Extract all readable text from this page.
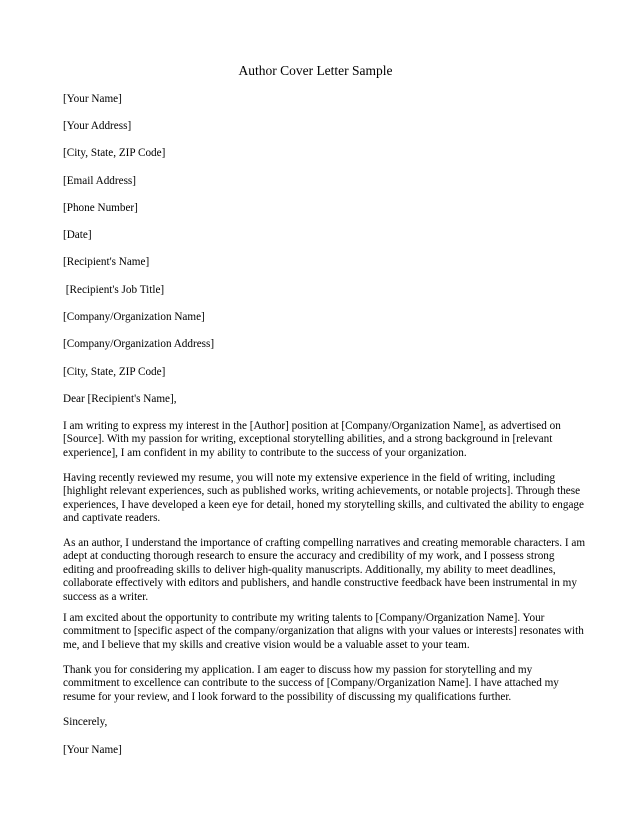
Author Cover Letter Sample
[Your Name]
[Your Address]
[City, State, ZIP Code]
[Email Address]
[Phone Number]
[Date]
[Recipient's Name]
[Recipient's Job Title]
[Company/Organization Name]
[Company/Organization Address]
[City, State, ZIP Code]
Dear [Recipient's Name],
I am writing to express my interest in the [Author] position at [Company/Organization Name], as advertised on
[Source]. With my passion for writing, exceptional storytelling abilities, and a strong background in [relevant
experience], I am confident in my ability to contribute to the success of your organization.
Having recently reviewed my resume, you will note my extensive experience in the field of writing, including
[highlight relevant experiences, such as published works, writing achievements, or notable projects]. Through these
experiences, I have developed a keen eye for detail, honed my storytelling skills, and cultivated the ability to engage
and captivate readers.
As an author, I understand the importance of crafting compelling narratives and creating memorable characters. I am
adept at conducting thorough research to ensure the accuracy and credibility of my work, and I possess strong
editing and proofreading skills to deliver high-quality manuscripts. Additionally, my ability to meet deadlines,
collaborate effectively with editors and publishers, and handle constructive feedback have been instrumental in my
success as a writer.
I am excited about the opportunity to contribute my writing talents to [Company/Organization Name]. Your
commitment to [specific aspect of the company/organization that aligns with your values or interests] resonates with
me, and I believe that my skills and creative vision would be a valuable asset to your team.
Thank you for considering my application. I am eager to discuss how my passion for storytelling and my
commitment to excellence can contribute to the success of [Company/Organization Name]. I have attached my
resume for your review, and I look forward to the possibility of discussing my qualifications further.
Sincerely,
[Your Name]
